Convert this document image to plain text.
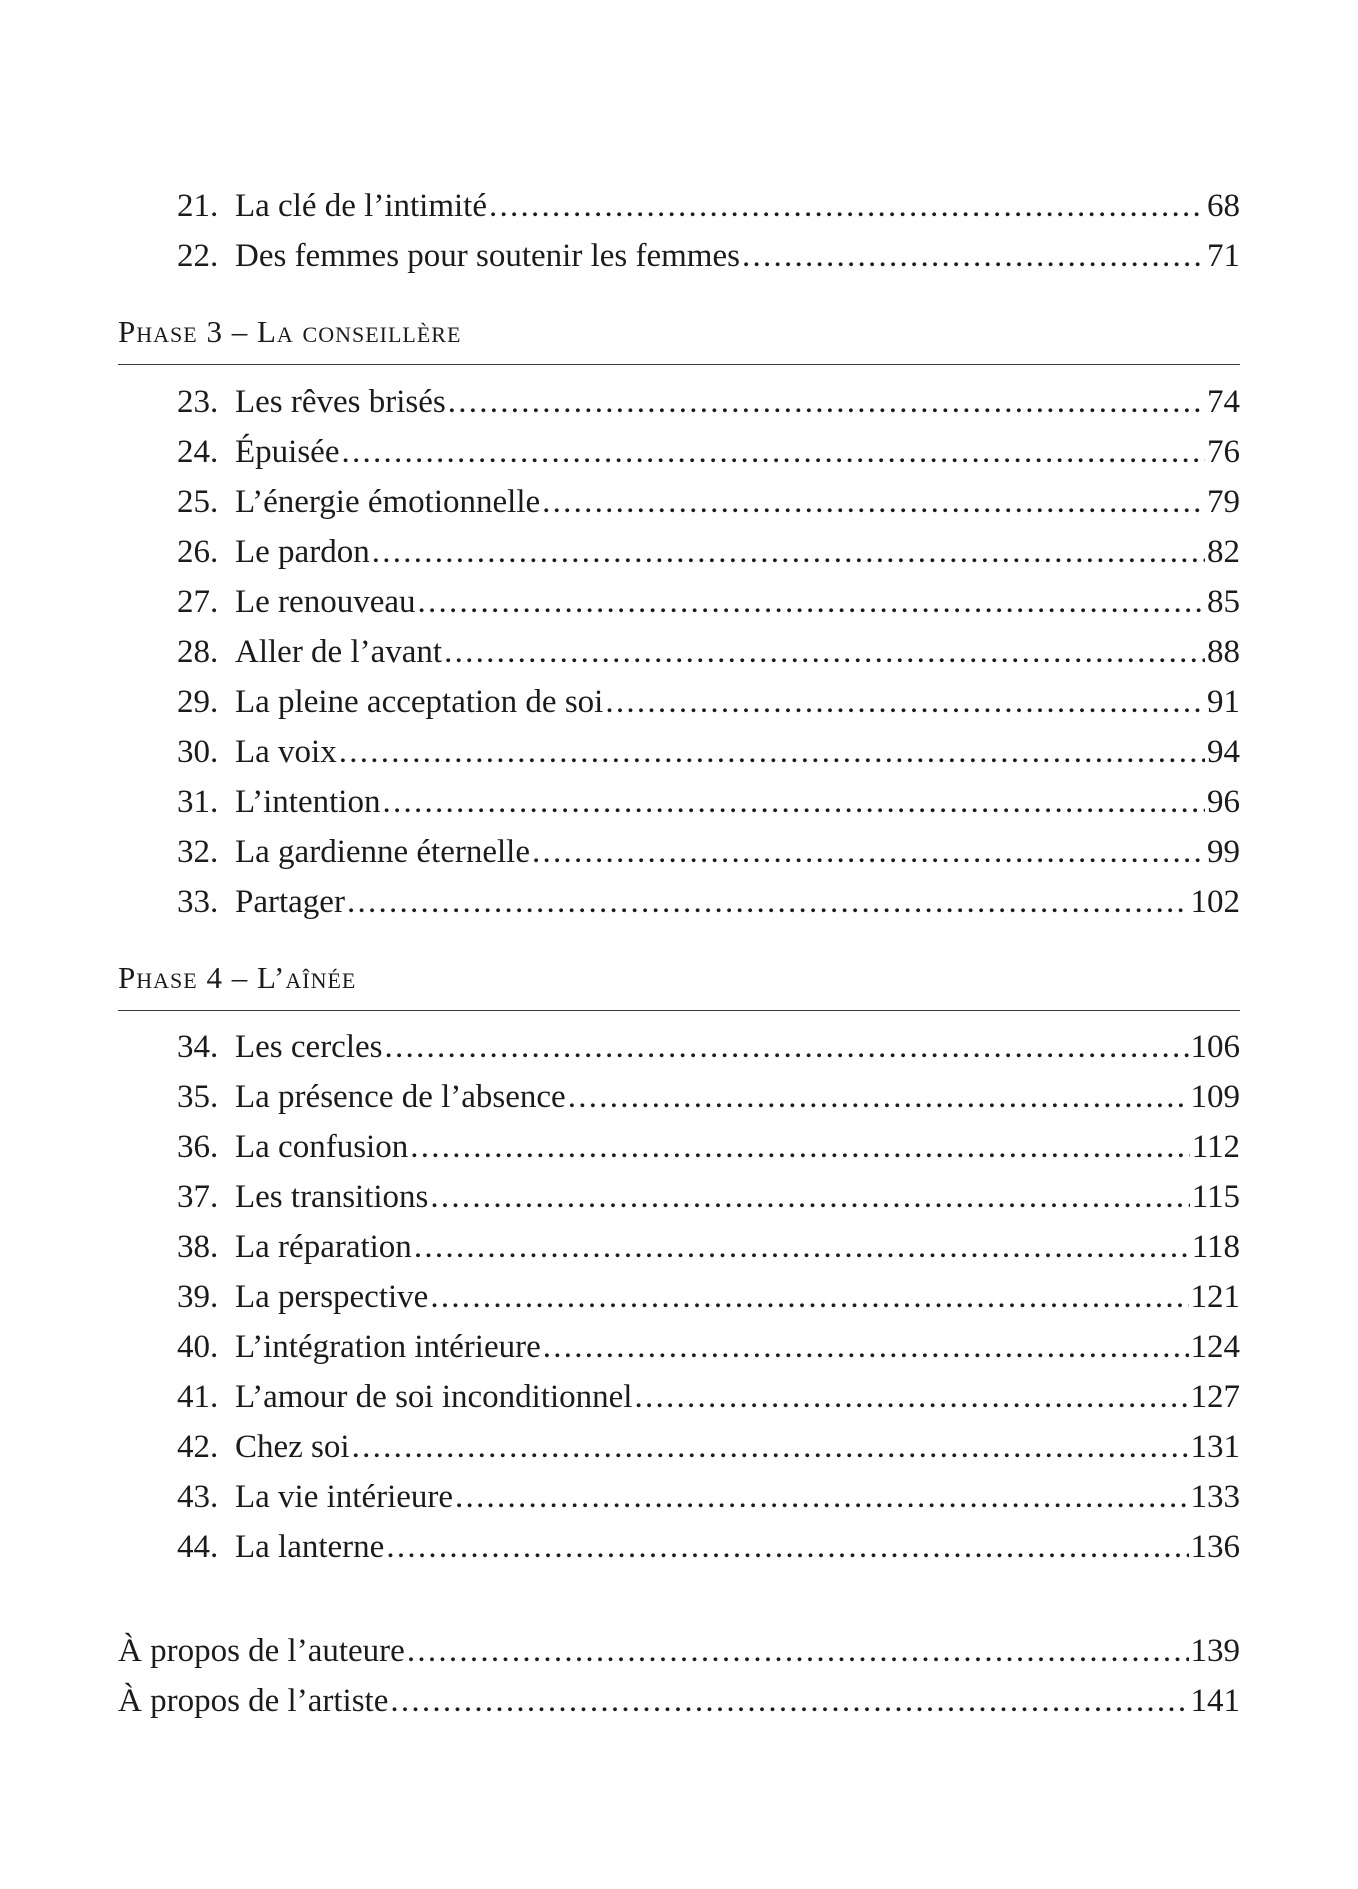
21. La clé de l’intimité . . .	68
22. Des femmes pour soutenir les femmes . . .	71
Phase 3 – La conseillère
23. Les rêves brisés . . .	74
24. Épuisée . . .	76
25. L’énergie émotionnelle . . .	79
26. Le pardon . . .	82
27. Le renouveau . . .	85
28. Aller de l’avant . . .	88
29. La pleine acceptation de soi . . .	91
30. La voix . . .	94
31. L’intention . . .	96
32. La gardienne éternelle . . .	99
33. Partager . . .	102
Phase 4 – L’aînée
34. Les cercles . . .	106
35. La présence de l’absence . . .	109
36. La confusion . . .	112
37. Les transitions . . .	115
38. La réparation . . .	118
39. La perspective . . .	121
40. L’intégration intérieure . . .	124
41. L’amour de soi inconditionnel . . .	127
42. Chez soi . . .	131
43. La vie intérieure . . .	133
44. La lanterne . . .	136
À propos de l’auteure . . .	139
À propos de l’artiste . . .	141
